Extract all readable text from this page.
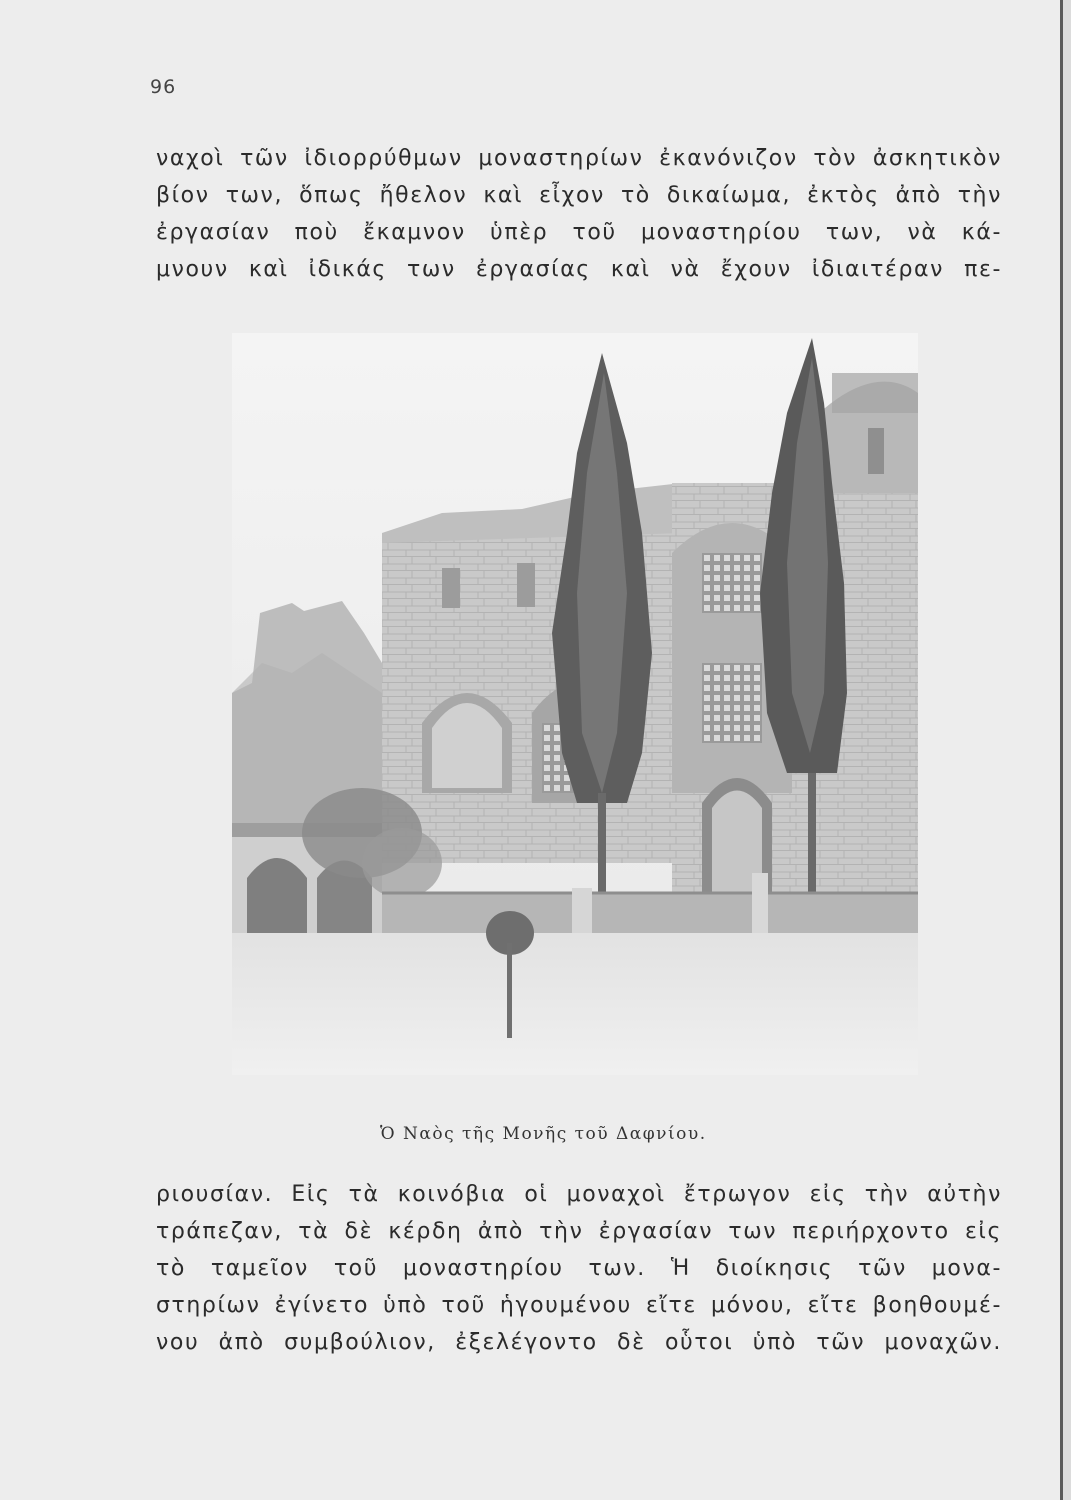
96
ναχοὶ τῶν ἰδιορρύθμων μοναστηρίων ἐκανόνιζον τὸν ἀσκητικὸν
βίον των, ὅπως ἤθελον καὶ εἶχον τὸ δικαίωμα, ἐκτὸς ἀπὸ τὴν
ἐργασίαν ποὺ ἔκαμνον ὑπὲρ τοῦ μοναστηρίου των, νὰ κά-
μνουν καὶ ἰδικάς των ἐργασίας καὶ νὰ ἔχουν ἰδιαιτέραν πε-
Ὁ Ναὸς τῆς Μονῆς τοῦ Δαφνίου.
ριουσίαν. Εἰς τὰ κοινόβια οἱ μοναχοὶ ἔτρωγον εἰς τὴν αὐτὴν
τράπεζαν, τὰ δὲ κέρδη ἀπὸ τὴν ἐργασίαν των περιήρχοντο εἰς
τὸ ταμεῖον τοῦ μοναστηρίου των. Ἡ διοίκησις τῶν μονα-
στηρίων ἐγίνετο ὑπὸ τοῦ ἡγουμένου εἴτε μόνου, εἴτε βοηθουμέ-
νου ἀπὸ συμβούλιον, ἐξελέγοντο δὲ οὗτοι ὑπὸ τῶν μοναχῶν.
